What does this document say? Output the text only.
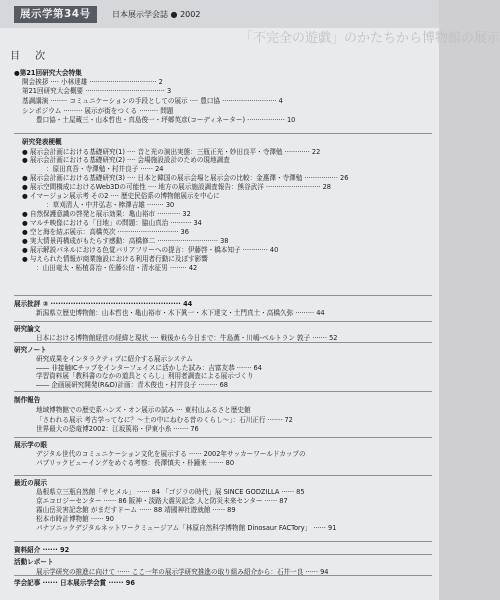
展示学第34号	日本展示学会誌 ● 2002
「不完全の遊戯」のかたちから博物館の展示
目 次
●第21回研究大会特集
開会挨拶 ···· 小林達雄 ································ 2
第21回研究大会概要 ······································ 3
基調講演 ········ コミュニケーションの手段としての展示 ···· 豊口協 ·························· 4
シンポジウム ········· 展示が街をつくる ········· 問題
豊口協・土屋蔵三・山本哲也・真島俊一・坪郷英彦(コーディネーター) ·················· 10
研究発表梗概
● 展示会計画における基礎研究(1) ···· 音と光の演出実態：三瓶正光・妙田良平・寺澤勉 ············ 22
● 展示会計画における基礎研究(2) ···· 会場施設設計のための現地調査
：原田真吾・寺澤勉・村井良子 ······ 24
● 展示会計画における基礎研究(3) ···· 日本と韓国の展示会場と展示会の比較：金惠澤・寺澤勉 ················ 26
● 展示空間構成におけるWeb3Dの可能性 ···· 地方の展示施設調査報告：熊谷武洋 ·························· 28
● イマージョン展示考 その2 ···· 歴史民俗系の博物館展示を中心に
：草刈清人・中井弘志・棒澤吉雄 ········ 30
● 自然保護意識の啓発と展示効果：亀山裕市 ··········· 32
● マルチ映像における「目地」の問題：脇山真治 ·········· 34
● 空と海を結ぶ展示：高橋英次 ····························· 36
● 実大情景再構成がもたらす感動：高橋修二 ····························· 38
● 展示解説パネルにおける色覚バリアフリーへの提言：伊藤啓・橋本知子 ············ 40
● 与えられた情報が商業施設における利用者行動に及ぼす影響
：山田竜太・柘植喜治・佐藤公信・清水征男 ········ 42
展示批評 ③ ···················································· 44
新潟県立歴史博物館：山本哲也・亀山裕市・木下眞一・木下達文・土門真土・高橋久弥 ········· 44
研究論文
日本における博物館経営の経緯と現状 ···· 戦後から今日まで：牛島薫・川嶋-ベルトラン 敦子 ······· 52
研究ノート
研究成果をインタラクティブに紹介する展示システム
―― 非接触ICチップをインターフェイスに活かした試み：吉富友恭 ······· 64
学習資料展「教科書のなかの道具とくらし」利用者調査による展示づくり
―― 企画展研究開発(R&D)計画：青木俊也・村井良子 ········· 68
制作報告
地域博物館での歴史系ハンズ・オン展示の試み ··· 東村山ふるさと歴史館
「さわれる展示 考古学ってなに？～土の中にねむる昔のくらし～」：石川正行 ······· 72
世界最大の恐竜博2002：江坂篤裕・伊東小糸 ······· 76
展示学の眼
デジタル世代のコミュニケーション文化を展示する ······ 2002年サッカーワールドカップの
パブリックビューイングをめぐる考察：長澤慎夫・朴鐘来 ······· 80
最近の展示
島根県立三瓶自然館「サヒメル」 ······ 84 「ゴジラの時代」展 SINCE GODZILLA ······ 85
京エコロジーセンター ······ 86 阪神・淡路大震災記念 人と防災未来センター ······ 87
霧山岳災害記念館 がまだすドーム ······ 88 靖國神社遊就館 ······ 89
松本市時計博物館 ······ 90
パナソニックデジタルネットワークミュージアム「林原自然科学博物館 Dinosaur FACTory」 ······ 91
資料紹介 ······ 92
活動レポート
展示学研究の推進に向けて ······ ここ一年の展示学研究推進の取り組み紹介から：石井一良 ······ 94
学会記事 ······ 日本展示学会賞 ······ 96
